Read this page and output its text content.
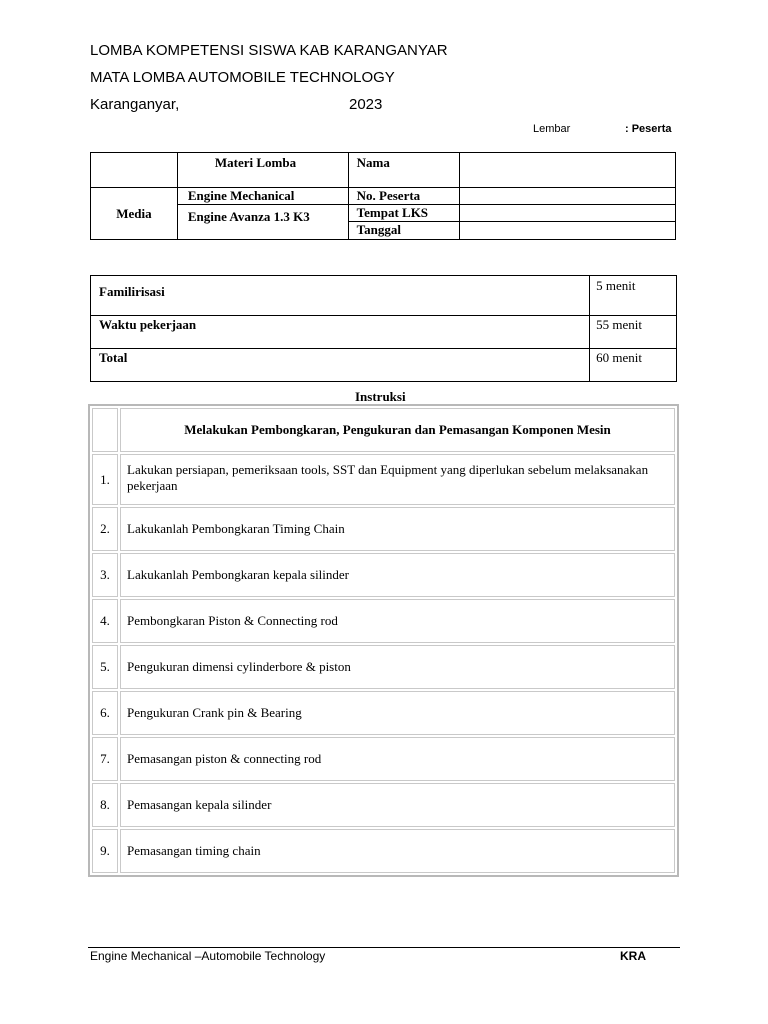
LOMBA KOMPETENSI SISWA KAB KARANGANYAR
MATA LOMBA AUTOMOBILE TECHNOLOGY
Karanganyar,	2023
Lembar	: Peserta
	Materi Lomba	Nama	
Media	Engine Mechanical	No. Peserta	
	Engine Avanza 1.3 K3	Tempat LKS	
		Tanggal	
Familirisasi	5 menit
Waktu pekerjaan	55 menit
Total	60 menit
Instruksi
	Melakukan Pembongkaran, Pengukuran dan Pemasangan Komponen Mesin
1.	Lakukan persiapan, pemeriksaan tools, SST dan Equipment yang diperlukan sebelum melaksanakan pekerjaan
2.	Lakukanlah Pembongkaran Timing Chain
3.	Lakukanlah Pembongkaran kepala silinder
4.	Pembongkaran Piston & Connecting rod
5.	Pengukuran dimensi cylinderbore & piston
6.	Pengukuran Crank pin & Bearing
7.	Pemasangan piston & connecting rod
8.	Pemasangan kepala silinder
9.	Pemasangan timing chain
Engine Mechanical –Automobile Technology	KRA
